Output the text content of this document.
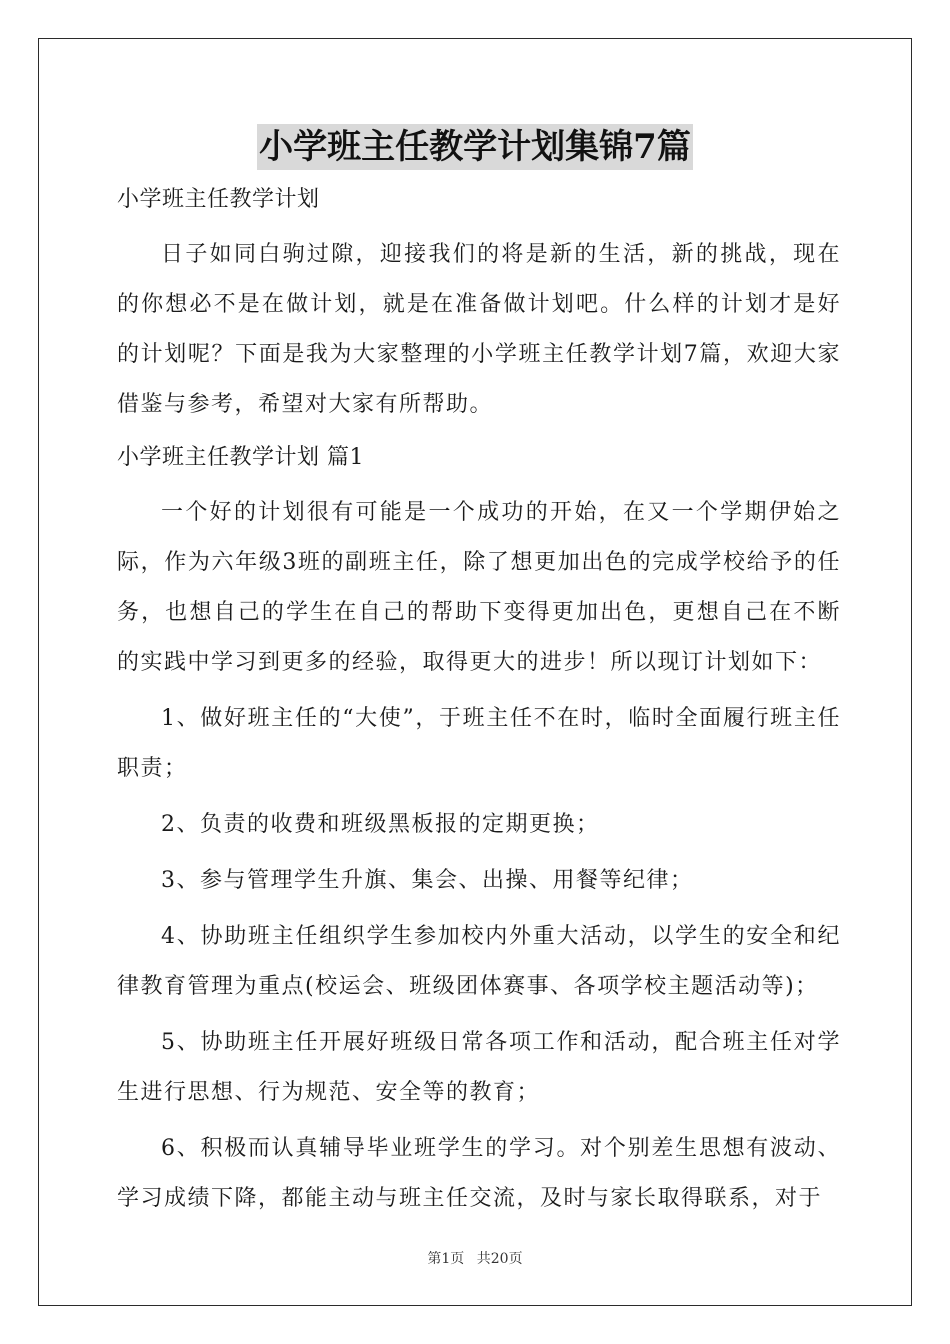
小学班主任教学计划集锦7篇
小学班主任教学计划

日子如同白驹过隙，迎接我们的将是新的生活，新的挑战，现在的你想必不是在做计划，就是在准备做计划吧。什么样的计划才是好的计划呢？下面是我为大家整理的小学班主任教学计划7篇，欢迎大家借鉴与参考，希望对大家有所帮助。

小学班主任教学计划 篇1

一个好的计划很有可能是一个成功的开始，在又一个学期伊始之际，作为六年级3班的副班主任，除了想更加出色的完成学校给予的任务，也想自己的学生在自己的帮助下变得更加出色，更想自己在不断的实践中学习到更多的经验，取得更大的进步！所以现订计划如下：

1、做好班主任的“大使”，于班主任不在时，临时全面履行班主任职责；

2、负责的收费和班级黑板报的定期更换；

3、参与管理学生升旗、集会、出操、用餐等纪律；

4、协助班主任组织学生参加校内外重大活动，以学生的安全和纪律教育管理为重点(校运会、班级团体赛事、各项学校主题活动等)；

5、协助班主任开展好班级日常各项工作和活动，配合班主任对学生进行思想、行为规范、安全等的教育；

6、积极而认真辅导毕业班学生的学习。对个别差生思想有波动、学习成绩下降，都能主动与班主任交流，及时与家长取得联系，对于

第1页 共20页
